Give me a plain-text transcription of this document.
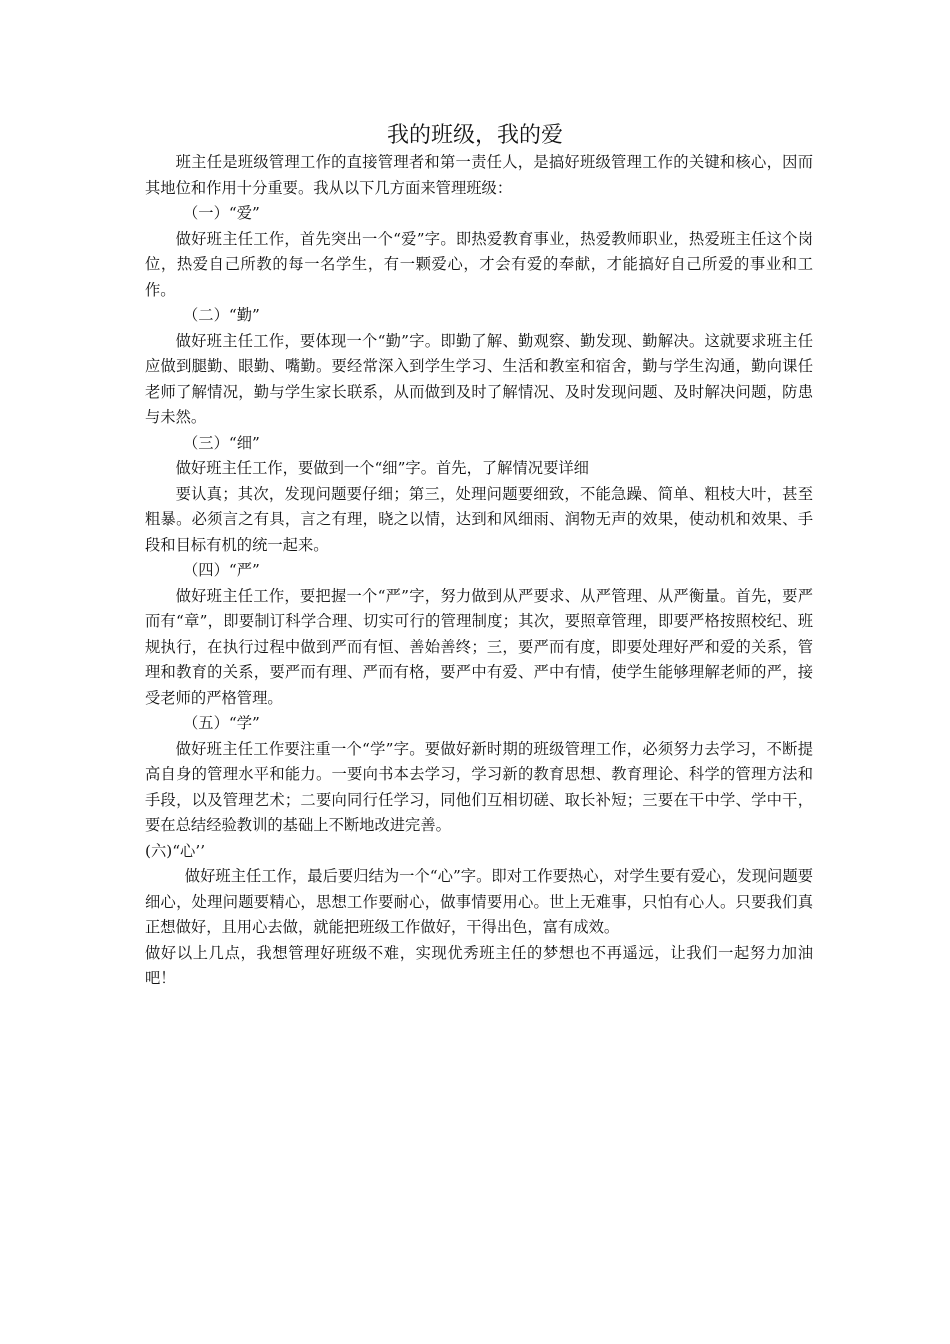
我的班级，我的爱

班主任是班级管理工作的直接管理者和第一责任人，是搞好班级管理工作的关键和核心，因而其地位和作用十分重要。我从以下几方面来管理班级：

（一）“爱”

做好班主任工作，首先突出一个“爱”字。即热爱教育事业，热爱教师职业，热爱班主任这个岗位，热爱自己所教的每一名学生，有一颗爱心，才会有爱的奉献，才能搞好自己所爱的事业和工作。

（二）“勤”

做好班主任工作，要体现一个“勤”字。即勤了解、勤观察、勤发现、勤解决。这就要求班主任应做到腿勤、眼勤、嘴勤。要经常深入到学生学习、生活和教室和宿舍，勤与学生沟通，勤向课任老师了解情况，勤与学生家长联系，从而做到及时了解情况、及时发现问题、及时解决问题，防患与未然。

（三）“细”

做好班主任工作，要做到一个“细”字。首先，了解情况要详细

要认真；其次，发现问题要仔细；第三，处理问题要细致，不能急躁、简单、粗枝大叶，甚至粗暴。必须言之有具，言之有理，晓之以情，达到和风细雨、润物无声的效果，使动机和效果、手段和目标有机的统一起来。

（四）“严”

做好班主任工作，要把握一个“严”字，努力做到从严要求、从严管理、从严衡量。首先，要严而有“章”，即要制订科学合理、切实可行的管理制度；其次，要照章管理，即要严格按照校纪、班规执行，在执行过程中做到严而有恒、善始善终；三，要严而有度，即要处理好严和爱的关系，管理和教育的关系，要严而有理、严而有格，要严中有爱、严中有情，使学生能够理解老师的严，接受老师的严格管理。

（五）“学”

做好班主任工作要注重一个“学”字。要做好新时期的班级管理工作，必须努力去学习，不断提高自身的管理水平和能力。一要向书本去学习，学习新的教育思想、教育理论、科学的管理方法和手段，以及管理艺术；二要向同行任学习，同他们互相切磋、取长补短；三要在干中学、学中干，要在总结经验教训的基础上不断地改进完善。

(六)“心’’

做好班主任工作，最后要归结为一个“心”字。即对工作要热心，对学生要有爱心，发现问题要细心，处理问题要精心，思想工作要耐心，做事情要用心。世上无难事，只怕有心人。只要我们真正想做好，且用心去做，就能把班级工作做好，干得出色，富有成效。

做好以上几点，我想管理好班级不难，实现优秀班主任的梦想也不再遥远，让我们一起努力加油吧！
